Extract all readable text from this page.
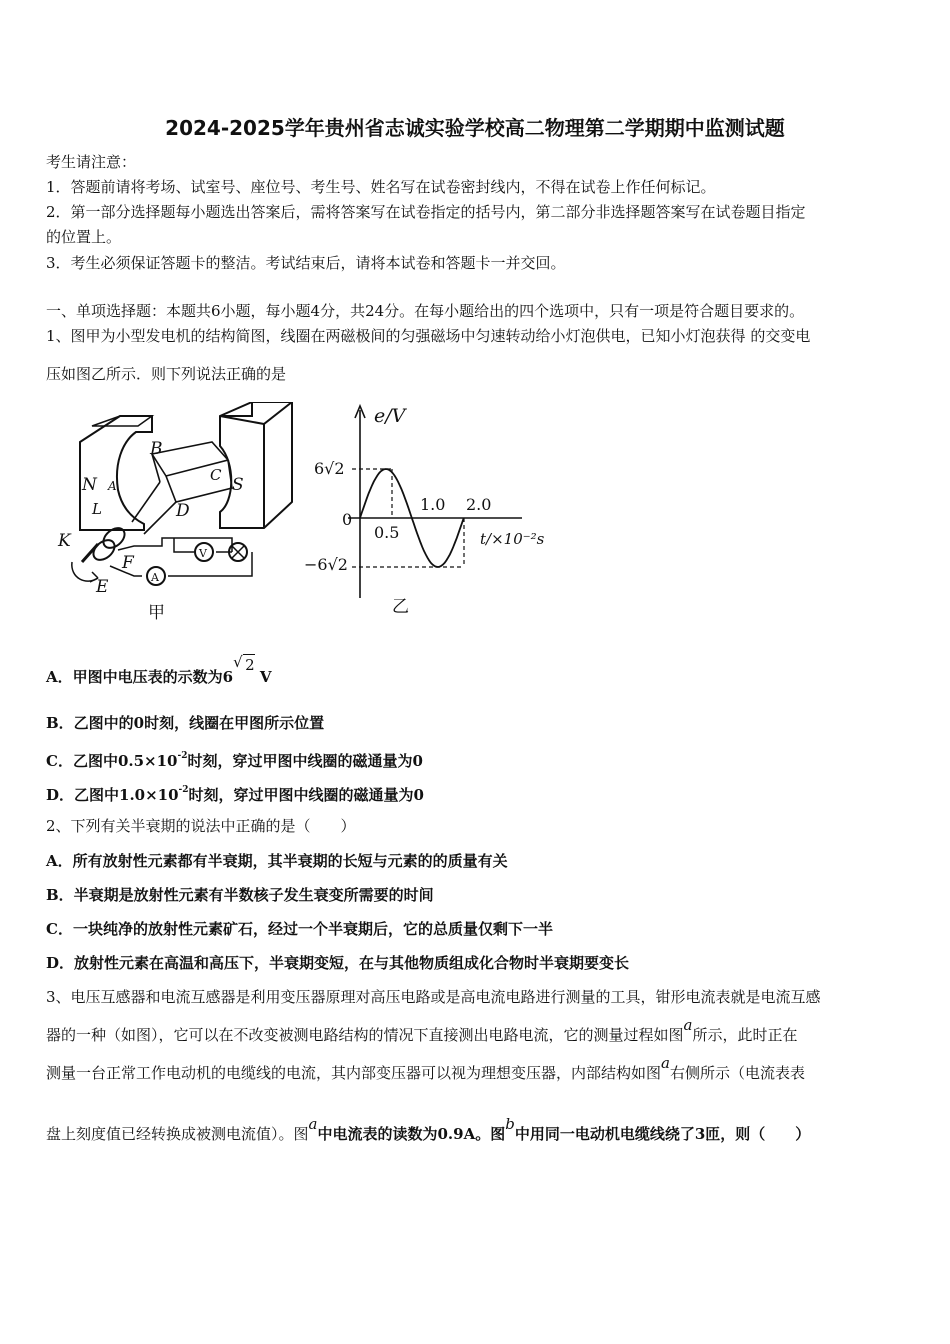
2024-2025学年贵州省志诚实验学校高二物理第二学期期中监测试题
考生请注意：
1．答题前请将考场、试室号、座位号、考生号、姓名写在试卷密封线内，不得在试卷上作任何标记。
2．第一部分选择题每小题选出答案后，需将答案写在试卷指定的括号内，第二部分非选择题答案写在试卷题目指定
的位置上。
3．考生必须保证答题卡的整洁。考试结束后，请将本试卷和答题卡一并交回。
一、单项选择题：本题共6小题，每小题4分，共24分。在每小题给出的四个选项中，只有一项是符合题目要求的。
1、图甲为小型发电机的结构简图，线圈在两磁极间的匀强磁场中匀速转动给小灯泡供电，已知小灯泡获得 的交变电
压如图乙所示．则下列说法正确的是
B
N A
L
C S
D
K
F
E
V
A
甲
e/V
6√2
0
−6√2
0.5
1.0 2.0
t/×10⁻²s
乙
A．甲图中电压表的示数为6
√ 2 V
B．乙图中的0时刻，线圈在甲图所示位置
C．乙图中$0.5\times 10^{-2}$时刻，穿过甲图中线圈的磁通量为0
D．乙图中$1.0\times 10^{-2}$时刻，穿过甲图中线圈的磁通量为0
2、下列有关半衰期的说法中正确的是（　　）
A．所有放射性元素都有半衰期，其半衰期的长短与元素的的质量有关
B．半衰期是放射性元素有半数核子发生衰变所需要的时间
C．一块纯净的放射性元素矿石，经过一个半衰期后，它的总质量仅剩下一半
D．放射性元素在高温和高压下，半衰期变短，在与其他物质组成化合物时半衰期要变长
3、电压互感器和电流互感器是利用变压器原理对高压电路或是高电流电路进行测量的工具，钳形电流表就是电流互感
器的一种（如图），它可以在不改变被测电路结构的情况下直接测出电路电流，它的测量过程如图a所示，此时正在
测量一台正常工作电动机的电缆线的电流，其内部变压器可以视为理想变压器，内部结构如图a右侧所示（电流表表
盘上刻度值已经转换成被测电流值）。图a中电流表的读数为0.9A。图b中用同一电动机电缆线绕了3匝，则（　　）
